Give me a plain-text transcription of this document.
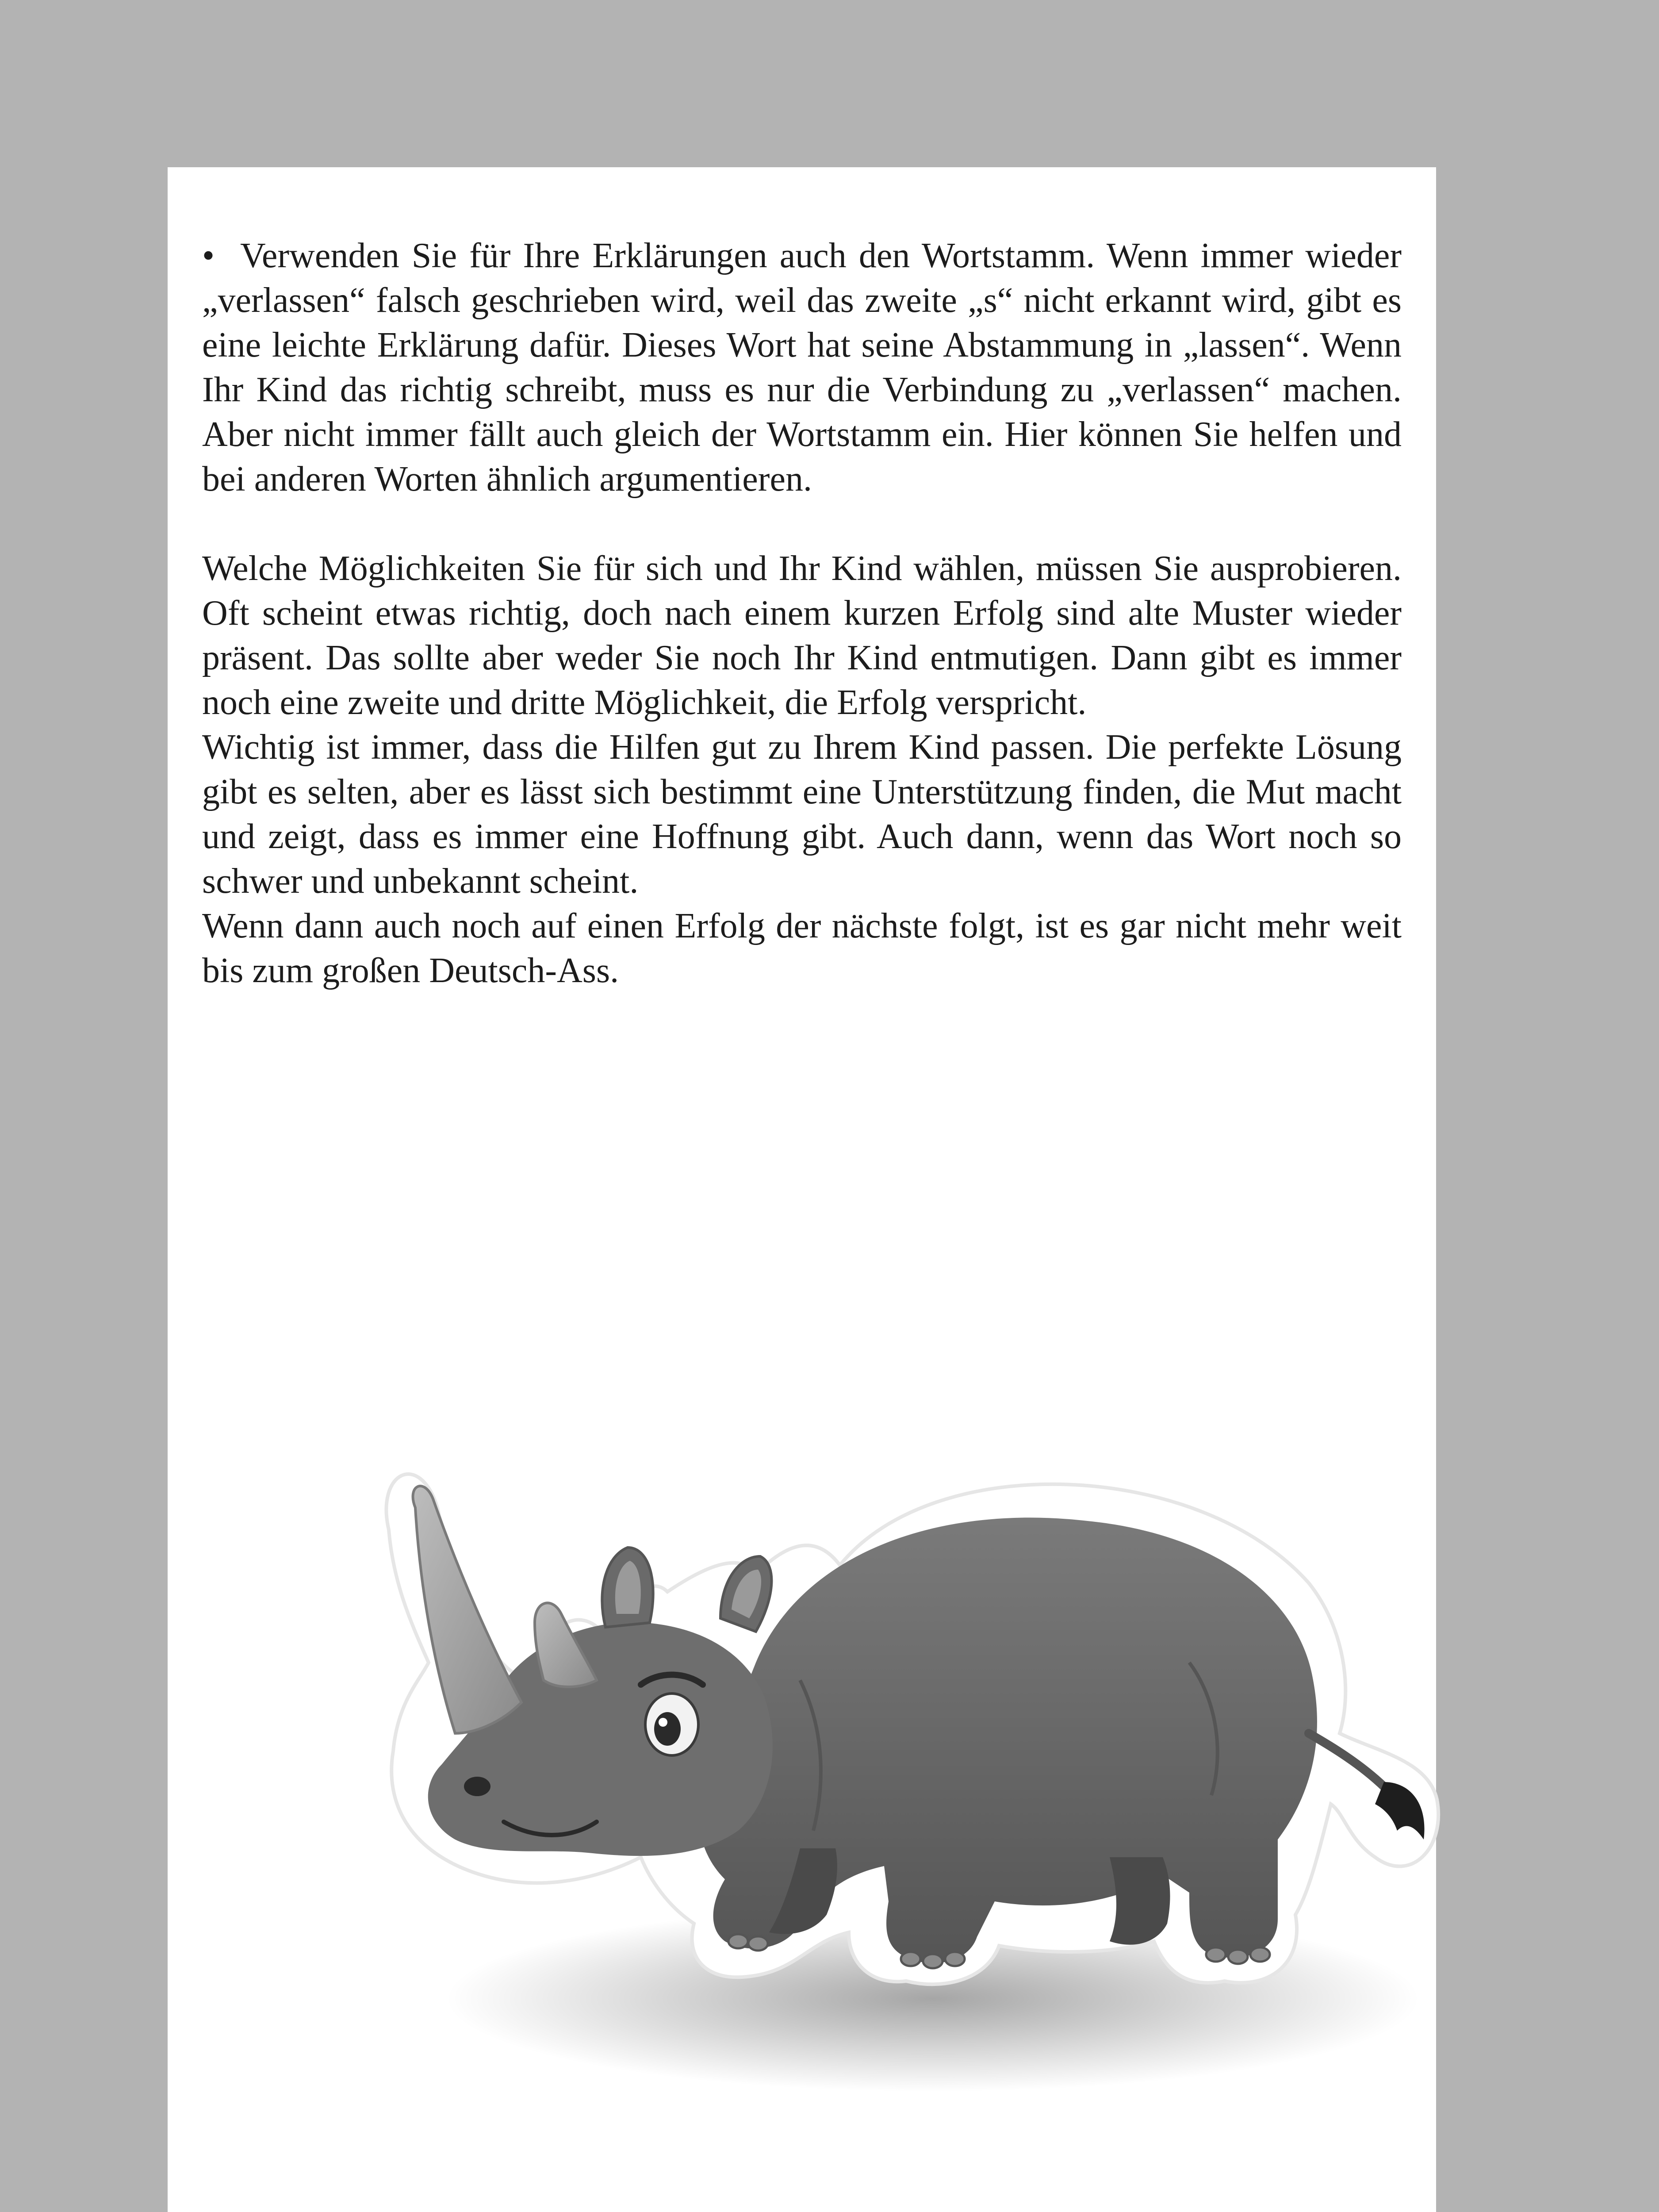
• Verwenden Sie für Ihre Erklärungen auch den Wortstamm. Wenn immer wieder „verlassen“ falsch geschrieben wird, weil das zweite „s“ nicht erkannt wird, gibt es eine leichte Erklärung dafür. Dieses Wort hat seine Abstammung in „lassen“. Wenn Ihr Kind das richtig schreibt, muss es nur die Verbindung zu „verlassen“ machen. Aber nicht immer fällt auch gleich der Wortstamm ein. Hier können Sie helfen und bei anderen Worten ähnlich argumentieren.

Welche Möglichkeiten Sie für sich und Ihr Kind wählen, müssen Sie ausprobieren. Oft scheint etwas richtig, doch nach einem kurzen Erfolg sind alte Muster wieder präsent. Das sollte aber weder Sie noch Ihr Kind entmutigen. Dann gibt es immer noch eine zweite und dritte Möglichkeit, die Erfolg verspricht.

Wichtig ist immer, dass die Hilfen gut zu Ihrem Kind passen. Die perfekte Lösung gibt es selten, aber es lässt sich bestimmt eine Unterstützung finden, die Mut macht und zeigt, dass es immer eine Hoffnung gibt. Auch dann, wenn das Wort noch so schwer und unbekannt scheint.

Wenn dann auch noch auf einen Erfolg der nächste folgt, ist es gar nicht mehr weit bis zum großen Deutsch-Ass.
